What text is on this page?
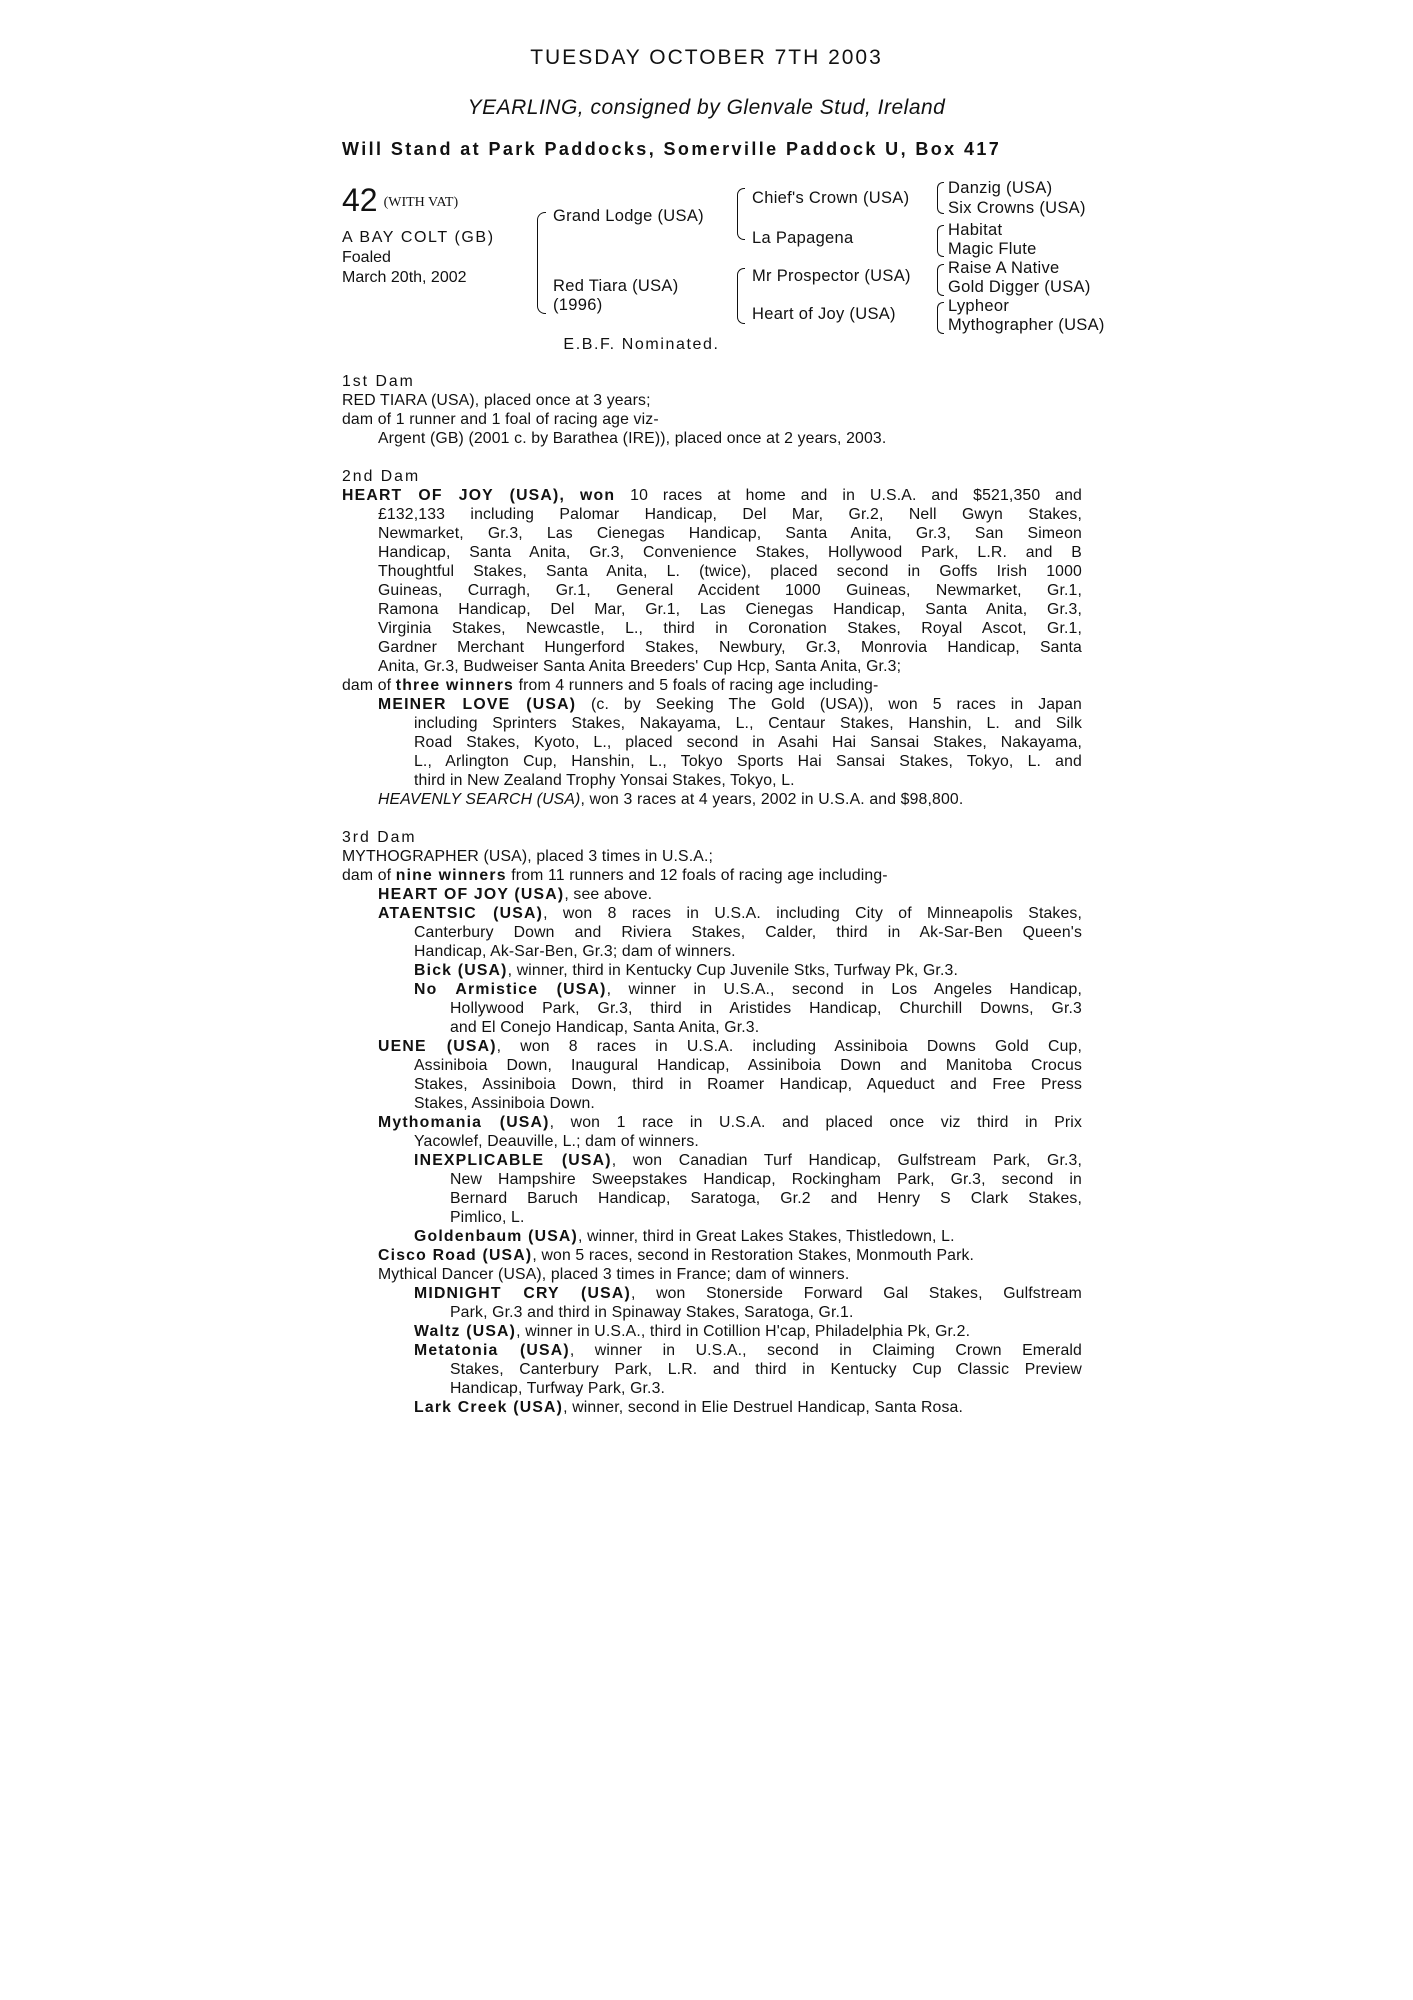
TUESDAY OCTOBER 7TH 2003
YEARLING, consigned by Glenvale Stud, Ireland
Will Stand at Park Paddocks, Somerville Paddock U, Box 417
42 (WITH VAT)
A BAY COLT (GB)
Foaled
March 20th, 2002
Grand Lodge (USA)
Red Tiara (USA)
(1996)
Chief's Crown (USA)
La Papagena
Mr Prospector (USA)
Heart of Joy (USA)
Danzig (USA)
Six Crowns (USA)
Habitat
Magic Flute
Raise A Native
Gold Digger (USA)
Lypheor
Mythographer (USA)
E.B.F. Nominated.
1st Dam
RED TIARA (USA), placed once at 3 years;
dam of 1 runner and 1 foal of racing age viz-
Argent (GB) (2001 c. by Barathea (IRE)), placed once at 2 years, 2003.
2nd Dam
HEART OF JOY (USA), won 10 races at home and in U.S.A. and $521,350 and
£132,133 including Palomar Handicap, Del Mar, Gr.2, Nell Gwyn Stakes,
Newmarket, Gr.3, Las Cienegas Handicap, Santa Anita, Gr.3, San Simeon
Handicap, Santa Anita, Gr.3, Convenience Stakes, Hollywood Park, L.R. and B
Thoughtful Stakes, Santa Anita, L. (twice), placed second in Goffs Irish 1000
Guineas, Curragh, Gr.1, General Accident 1000 Guineas, Newmarket, Gr.1,
Ramona Handicap, Del Mar, Gr.1, Las Cienegas Handicap, Santa Anita, Gr.3,
Virginia Stakes, Newcastle, L., third in Coronation Stakes, Royal Ascot, Gr.1,
Gardner Merchant Hungerford Stakes, Newbury, Gr.3, Monrovia Handicap, Santa
Anita, Gr.3, Budweiser Santa Anita Breeders' Cup Hcp, Santa Anita, Gr.3;
dam of three winners from 4 runners and 5 foals of racing age including-
MEINER LOVE (USA) (c. by Seeking The Gold (USA)), won 5 races in Japan
including Sprinters Stakes, Nakayama, L., Centaur Stakes, Hanshin, L. and Silk
Road Stakes, Kyoto, L., placed second in Asahi Hai Sansai Stakes, Nakayama,
L., Arlington Cup, Hanshin, L., Tokyo Sports Hai Sansai Stakes, Tokyo, L. and
third in New Zealand Trophy Yonsai Stakes, Tokyo, L.
HEAVENLY SEARCH (USA), won 3 races at 4 years, 2002 in U.S.A. and $98,800.
3rd Dam
MYTHOGRAPHER (USA), placed 3 times in U.S.A.;
dam of nine winners from 11 runners and 12 foals of racing age including-
HEART OF JOY (USA), see above.
ATAENTSIC (USA), won 8 races in U.S.A. including City of Minneapolis Stakes,
Canterbury Down and Riviera Stakes, Calder, third in Ak-Sar-Ben Queen's
Handicap, Ak-Sar-Ben, Gr.3; dam of winners.
Bick (USA), winner, third in Kentucky Cup Juvenile Stks, Turfway Pk, Gr.3.
No Armistice (USA), winner in U.S.A., second in Los Angeles Handicap,
Hollywood Park, Gr.3, third in Aristides Handicap, Churchill Downs, Gr.3
and El Conejo Handicap, Santa Anita, Gr.3.
UENE (USA), won 8 races in U.S.A. including Assiniboia Downs Gold Cup,
Assiniboia Down, Inaugural Handicap, Assiniboia Down and Manitoba Crocus
Stakes, Assiniboia Down, third in Roamer Handicap, Aqueduct and Free Press
Stakes, Assiniboia Down.
Mythomania (USA), won 1 race in U.S.A. and placed once viz third in Prix
Yacowlef, Deauville, L.; dam of winners.
INEXPLICABLE (USA), won Canadian Turf Handicap, Gulfstream Park, Gr.3,
New Hampshire Sweepstakes Handicap, Rockingham Park, Gr.3, second in
Bernard Baruch Handicap, Saratoga, Gr.2 and Henry S Clark Stakes,
Pimlico, L.
Goldenbaum (USA), winner, third in Great Lakes Stakes, Thistledown, L.
Cisco Road (USA), won 5 races, second in Restoration Stakes, Monmouth Park.
Mythical Dancer (USA), placed 3 times in France; dam of winners.
MIDNIGHT CRY (USA), won Stonerside Forward Gal Stakes, Gulfstream
Park, Gr.3 and third in Spinaway Stakes, Saratoga, Gr.1.
Waltz (USA), winner in U.S.A., third in Cotillion H'cap, Philadelphia Pk, Gr.2.
Metatonia (USA), winner in U.S.A., second in Claiming Crown Emerald
Stakes, Canterbury Park, L.R. and third in Kentucky Cup Classic Preview
Handicap, Turfway Park, Gr.3.
Lark Creek (USA), winner, second in Elie Destruel Handicap, Santa Rosa.
